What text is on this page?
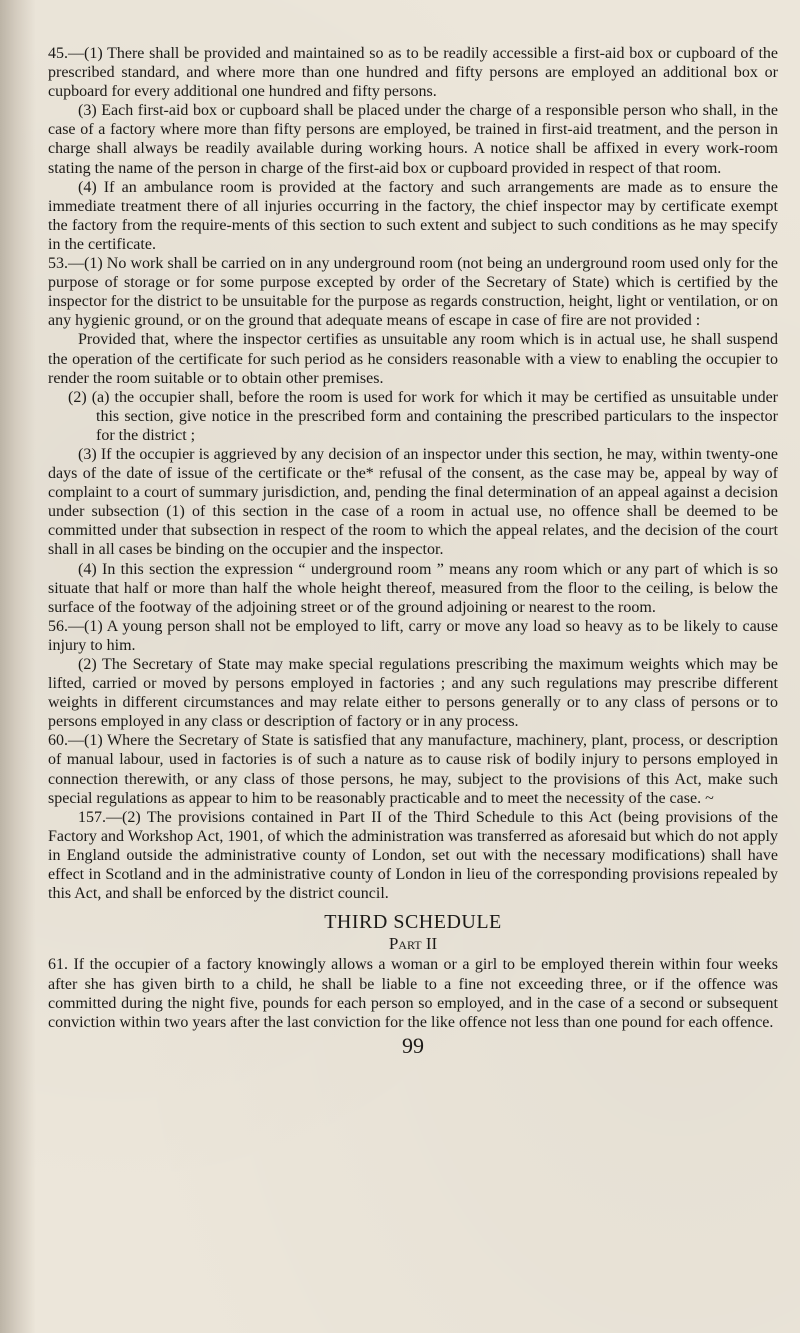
45.—(1) There shall be provided and maintained so as to be readily accessible a first-aid box or cupboard of the prescribed standard, and where more than one hundred and fifty persons are employed an additional box or cupboard for every additional one hundred and fifty persons.

(3) Each first-aid box or cupboard shall be placed under the charge of a responsible person who shall, in the case of a factory where more than fifty persons are employed, be trained in first-aid treatment, and the person in charge shall always be readily available during working hours. A notice shall be affixed in every work-room stating the name of the person in charge of the first-aid box or cupboard provided in respect of that room.

(4) If an ambulance room is provided at the factory and such arrangements are made as to ensure the immediate treatment there of all injuries occurring in the factory, the chief inspector may by certificate exempt the factory from the require-ments of this section to such extent and subject to such conditions as he may specify in the certificate.

53.—(1) No work shall be carried on in any underground room (not being an underground room used only for the purpose of storage or for some purpose excepted by order of the Secretary of State) which is certified by the inspector for the district to be unsuitable for the purpose as regards construction, height, light or ventilation, or on any hygienic ground, or on the ground that adequate means of escape in case of fire are not provided :

Provided that, where the inspector certifies as unsuitable any room which is in actual use, he shall suspend the operation of the certificate for such period as he considers reasonable with a view to enabling the occupier to render the room suitable or to obtain other premises.

(2) (a) the occupier shall, before the room is used for work for which it may be certified as unsuitable under this section, give notice in the prescribed form and containing the prescribed particulars to the inspector for the district ;

(3) If the occupier is aggrieved by any decision of an inspector under this section, he may, within twenty-one days of the date of issue of the certificate or the* refusal of the consent, as the case may be, appeal by way of complaint to a court of summary jurisdiction, and, pending the final determination of an appeal against a decision under subsection (1) of this section in the case of a room in actual use, no offence shall be deemed to be committed under that subsection in respect of the room to which the appeal relates, and the decision of the court shall in all cases be binding on the occupier and the inspector.

(4) In this section the expression “ underground room ” means any room which or any part of which is so situate that half or more than half the whole height thereof, measured from the floor to the ceiling, is below the surface of the footway of the adjoining street or of the ground adjoining or nearest to the room.

56.—(1) A young person shall not be employed to lift, carry or move any load so heavy as to be likely to cause injury to him.

(2) The Secretary of State may make special regulations prescribing the maximum weights which may be lifted, carried or moved by persons employed in factories ; and any such regulations may prescribe different weights in different circumstances and may relate either to persons generally or to any class of persons or to persons employed in any class or description of factory or in any process.

60.—(1) Where the Secretary of State is satisfied that any manufacture, machinery, plant, process, or description of manual labour, used in factories is of such a nature as to cause risk of bodily injury to persons employed in connection therewith, or any class of those persons, he may, subject to the provisions of this Act, make such special regulations as appear to him to be reasonably practicable and to meet the necessity of the case. ~

157.—(2) The provisions contained in Part II of the Third Schedule to this Act (being provisions of the Factory and Workshop Act, 1901, of which the administration was transferred as aforesaid but which do not apply in England outside the administrative county of London, set out with the necessary modifications) shall have effect in Scotland and in the administrative county of London in lieu of the corresponding provisions repealed by this Act, and shall be enforced by the district council.

THIRD SCHEDULE

Part II

61. If the occupier of a factory knowingly allows a woman or a girl to be employed therein within four weeks after she has given birth to a child, he shall be liable to a fine not exceeding three, or if the offence was committed during the night five, pounds for each person so employed, and in the case of a second or subsequent conviction within two years after the last conviction for the like offence not less than one pound for each offence.

99
